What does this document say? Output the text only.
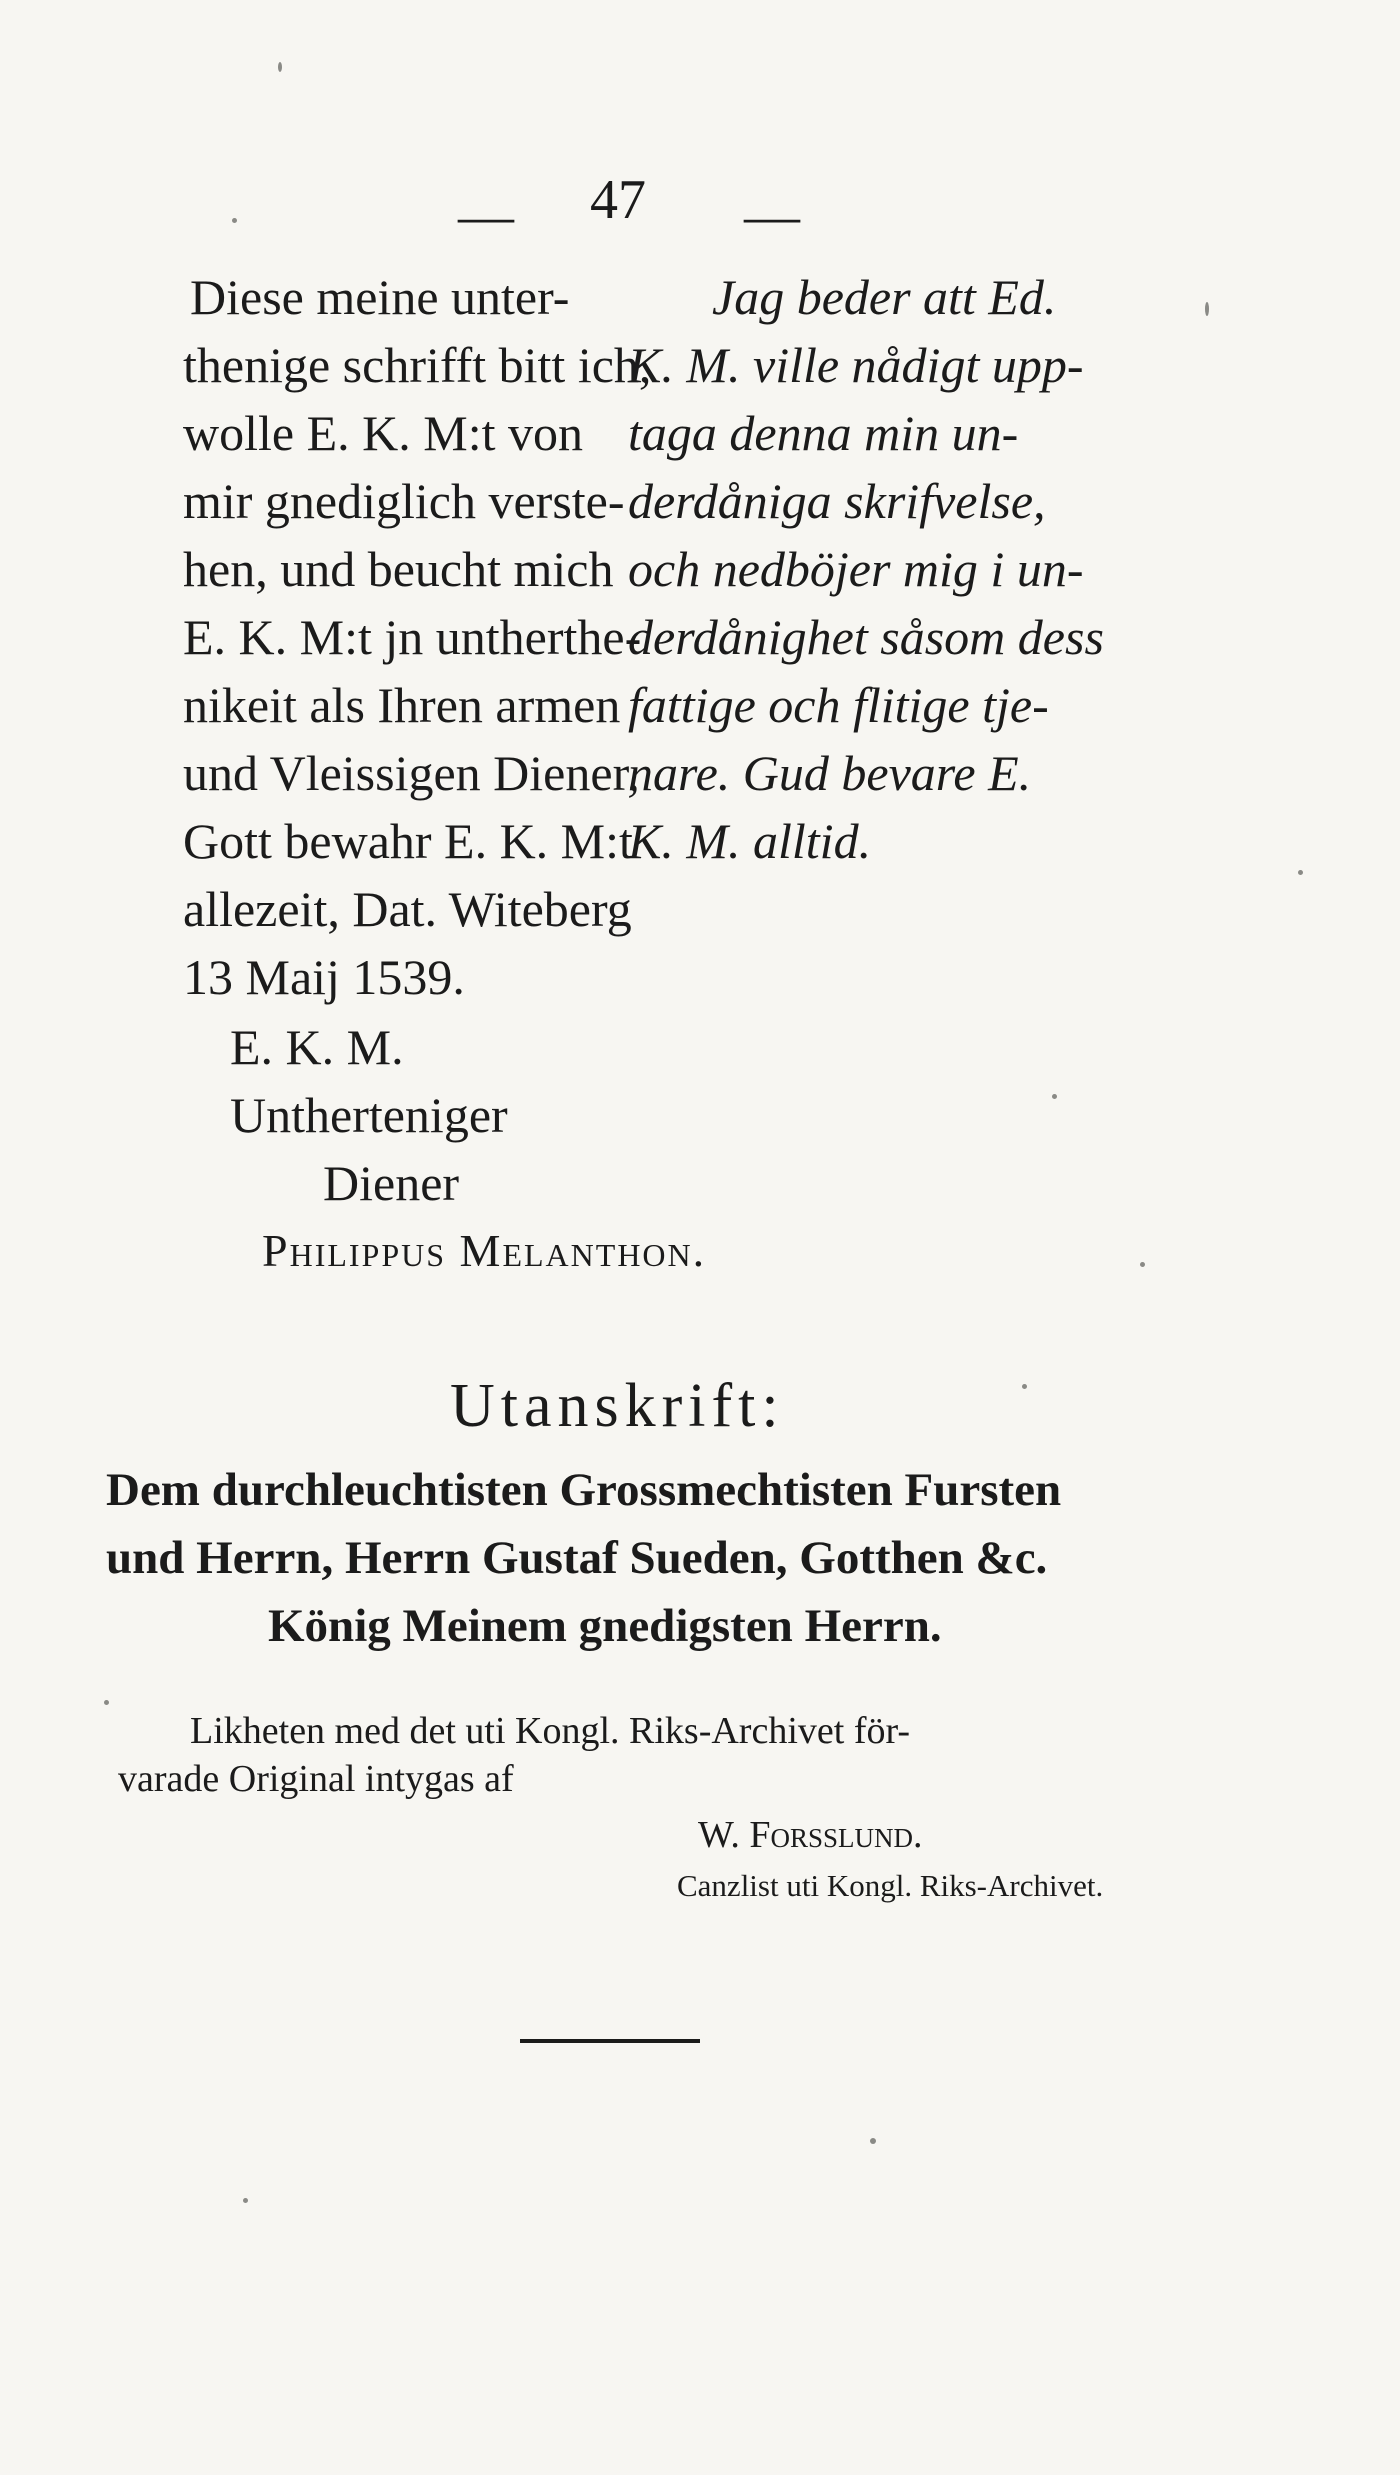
— 47 —
Diese meine unter-
thenige schrifft bitt ich,
wolle E. K. M:t von
mir gnediglich verste-
hen, und beucht mich
E. K. M:t jn untherthe-
nikeit als Ihren armen
und Vleissigen Diener,
Gott bewahr E. K. M:t
allezeit, Dat. Witeberg
13 Maij 1539.
Jag beder att Ed.
K. M. ville nådigt upp-
taga denna min un-
derdåniga skrifvelse,
och nedböjer mig i un-
derdånighet såsom dess
fattige och flitige tje-
nare. Gud bevare E.
K. M. alltid.
E. K. M.
Untherteniger
Diener
Philippus Melanthon.
Utanskrift:
Dem durchleuchtisten Grossmechtisten Fursten
und Herrn, Herrn Gustaf Sueden, Gotthen &c.
König Meinem gnedigsten Herrn.
Likheten med det uti Kongl. Riks-Archivet för-
varade Original intygas af
W. Forsslund.
Canzlist uti Kongl. Riks-Archivet.
